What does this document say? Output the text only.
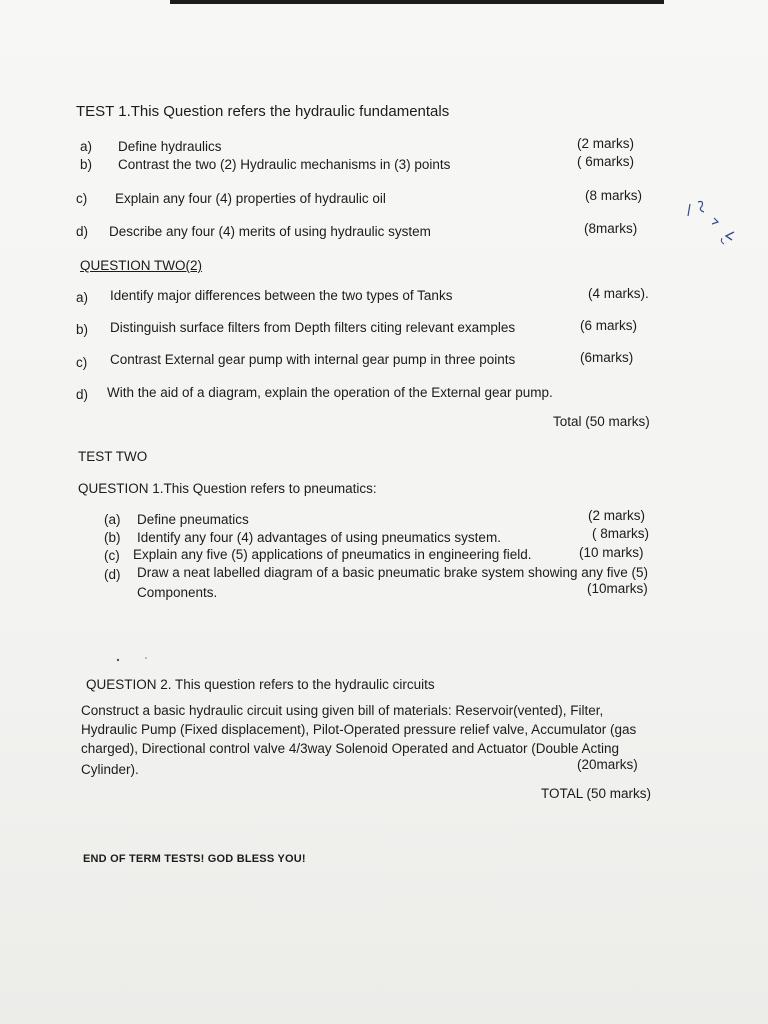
TEST 1.This Question refers the hydraulic fundamentals
a) Define hydraulics	(2 marks)
b) Contrast the two (2) Hydraulic mechanisms in (3) points	( 6marks)
c) Explain any four (4) properties of hydraulic oil	(8 marks)
d) Describe any four (4) merits of using hydraulic system	(8marks)
QUESTION TWO(2)
a) Identify major differences between the two types of Tanks	(4 marks).
b) Distinguish surface filters from Depth filters citing relevant examples	(6 marks)
c) Contrast External gear pump with internal gear pump in three points	(6marks)
d) With the aid of a diagram, explain the operation of the External gear pump.
Total (50 marks)
TEST TWO
QUESTION 1.This Question refers to pneumatics:
(a) Define pneumatics	(2 marks)
(b) Identify any four (4) advantages of using pneumatics system.	( 8marks)
(c) Explain any five (5) applications of pneumatics in engineering field.	(10 marks)
(d) Draw a neat labelled diagram of a basic pneumatic brake system showing any five (5)
Components.	(10marks)
QUESTION 2. This question refers to the hydraulic circuits
Construct a basic hydraulic circuit using given bill of materials: Reservoir(vented), Filter,
Hydraulic Pump (Fixed displacement), Pilot-Operated pressure relief valve, Accumulator (gas
charged), Directional control valve 4/3way Solenoid Operated and Actuator (Double Acting
Cylinder).	(20marks)
TOTAL (50 marks)
END OF TERM TESTS! GOD BLESS YOU!
